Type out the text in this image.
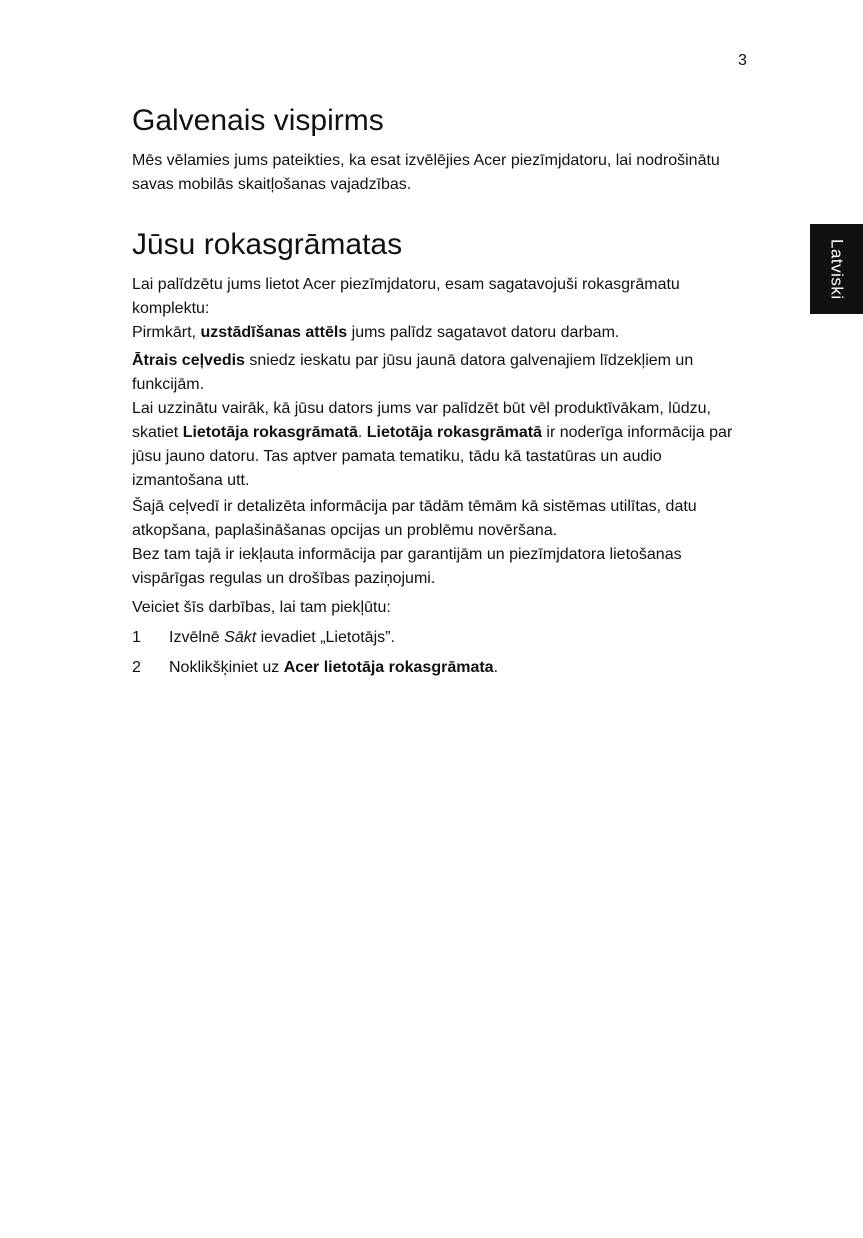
3
Latviski
Galvenais vispirms

Mēs vēlamies jums pateikties, ka esat izvēlējies Acer piezīmjdatoru, lai nodrošinātu savas mobilās skaitļošanas vajadzības.

Jūsu rokasgrāmatas

Lai palīdzētu jums lietot Acer piezīmjdatoru, esam sagatavojuši rokasgrāmatu komplektu:

Pirmkārt, uzstādīšanas attēls jums palīdz sagatavot datoru darbam.

Ātrais ceļvedis sniedz ieskatu par jūsu jaunā datora galvenajiem līdzekļiem un funkcijām.

Lai uzzinātu vairāk, kā jūsu dators jums var palīdzēt būt vēl produktīvākam, lūdzu, skatiet Lietotāja rokasgrāmatā. Lietotāja rokasgrāmatā ir noderīga informācija par jūsu jauno datoru. Tas aptver pamata tematiku, tādu kā tastatūras un audio izmantošana utt.

Šajā ceļvedī ir detalizēta informācija par tādām tēmām kā sistēmas utilītas, datu atkopšana, paplašināšanas opcijas un problēmu novēršana.

Bez tam tajā ir iekļauta informācija par garantijām un piezīmjdatora lietošanas vispārīgas regulas un drošības paziņojumi.

Veiciet šīs darbības, lai tam piekļūtu:

1 Izvēlnē Sākt ievadiet „Lietotājs”.
2 Noklikšķiniet uz Acer lietotāja rokasgrāmata.
